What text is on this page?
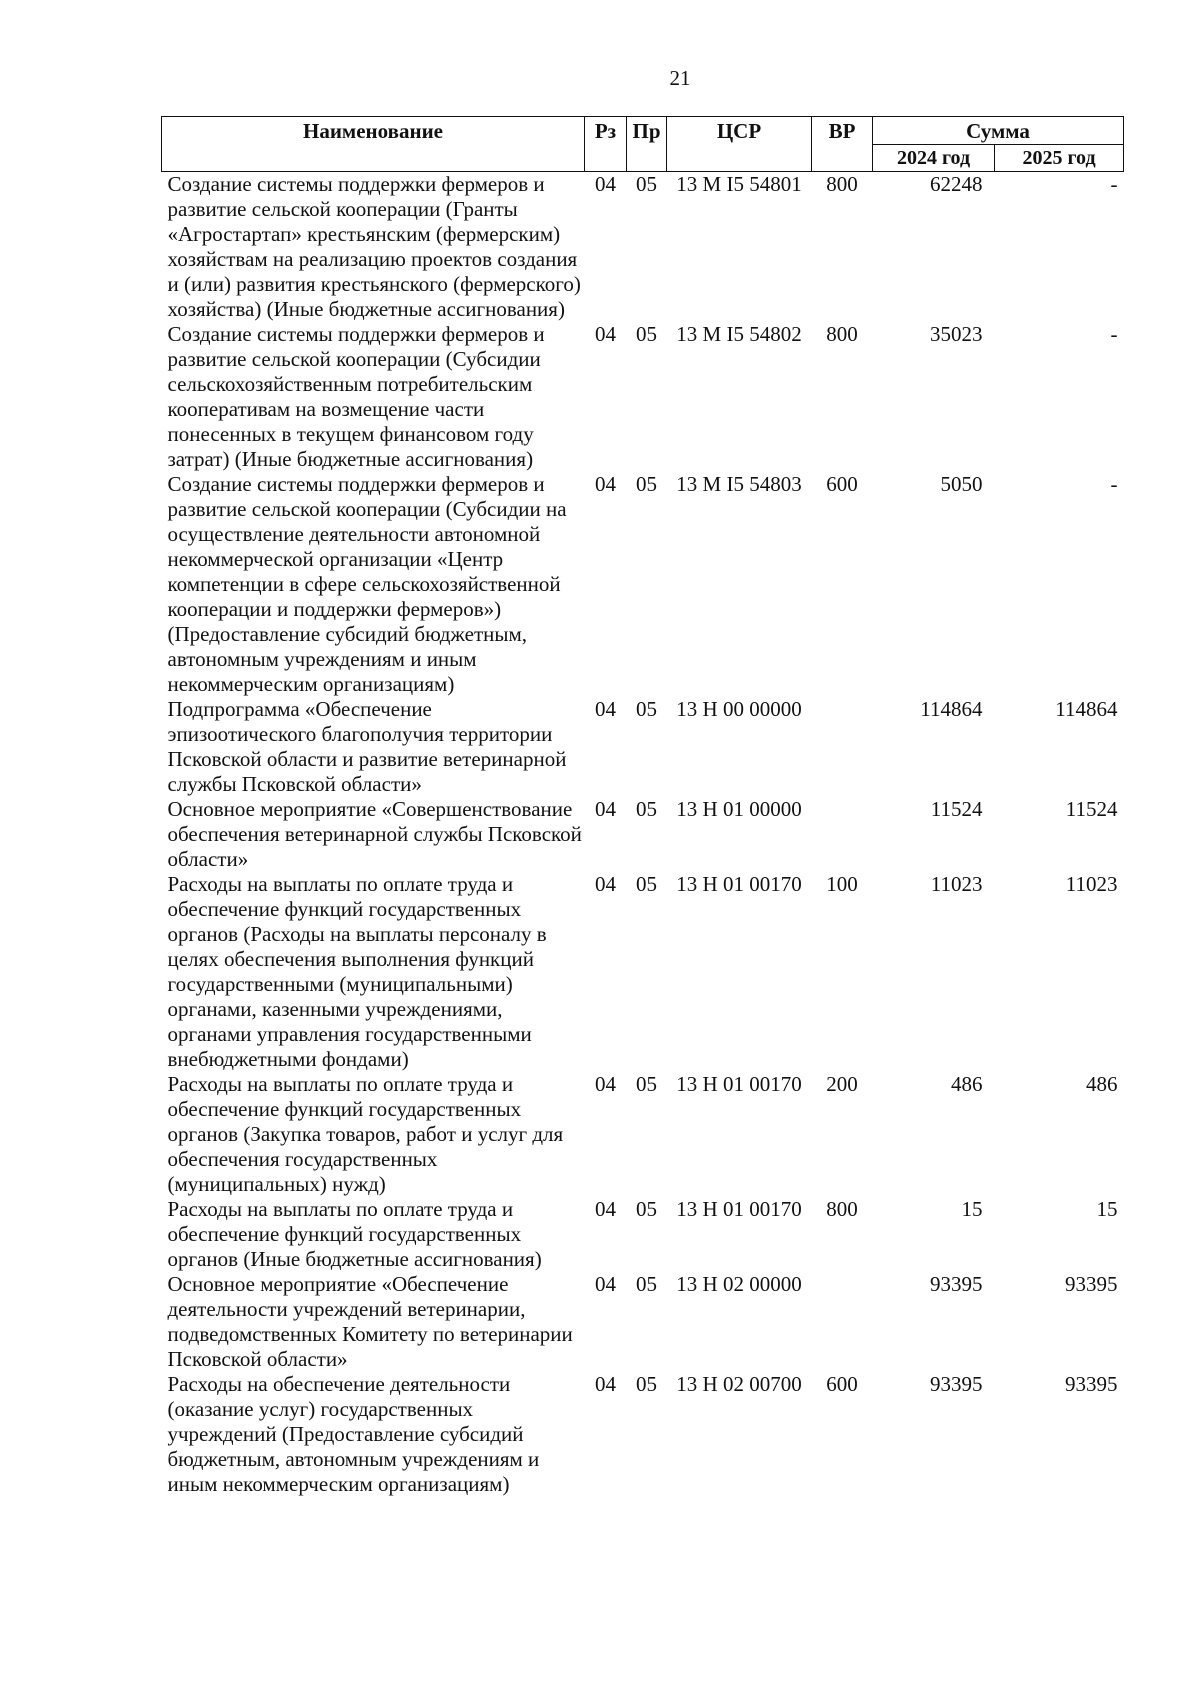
21
Наименование	Рз	Пр	ЦСР	ВР	Сумма	
					2024 год	2025 год
Создание системы поддержки фермеров и развитие сельской кооперации (Гранты «Агростартап» крестьянским (фермерским) хозяйствам на реализацию проектов создания и (или) развития крестьянского (фермерского) хозяйства) (Иные бюджетные ассигнования)	04	05	13 М I5 54801	800	62248	-
Создание системы поддержки фермеров и развитие сельской кооперации (Субсидии сельскохозяйственным потребительским кооперативам на возмещение части понесенных в текущем финансовом году затрат) (Иные бюджетные ассигнования)	04	05	13 М I5 54802	800	35023	-
Создание системы поддержки фермеров и развитие сельской кооперации (Субсидии на осуществление деятельности автономной некоммерческой организации «Центр компетенции в сфере сельскохозяйственной кооперации и поддержки фермеров») (Предоставление субсидий бюджетным, автономным учреждениям и иным некоммерческим организациям)	04	05	13 М I5 54803	600	5050	-
Подпрограмма «Обеспечение эпизоотического благополучия территории Псковской области и развитие ветеринарной службы Псковской области»	04	05	13 Н 00 00000		114864	114864
Основное мероприятие «Совершенствование обеспечения ветеринарной службы Псковской области»	04	05	13 Н 01 00000		11524	11524
Расходы на выплаты по оплате труда и обеспечение функций государственных органов (Расходы на выплаты персоналу в целях обеспечения выполнения функций государственными (муниципальными) органами, казенными учреждениями, органами управления государственными внебюджетными фондами)	04	05	13 Н 01 00170	100	11023	11023
Расходы на выплаты по оплате труда и обеспечение функций государственных органов (Закупка товаров, работ и услуг для обеспечения государственных (муниципальных) нужд)	04	05	13 Н 01 00170	200	486	486
Расходы на выплаты по оплате труда и обеспечение функций государственных органов (Иные бюджетные ассигнования)	04	05	13 Н 01 00170	800	15	15
Основное мероприятие «Обеспечение деятельности учреждений ветеринарии, подведомственных Комитету по ветеринарии Псковской области»	04	05	13 Н 02 00000		93395	93395
Расходы на обеспечение деятельности (оказание услуг) государственных учреждений (Предоставление субсидий бюджетным, автономным учреждениям и иным некоммерческим организациям)	04	05	13 Н 02 00700	600	93395	93395
